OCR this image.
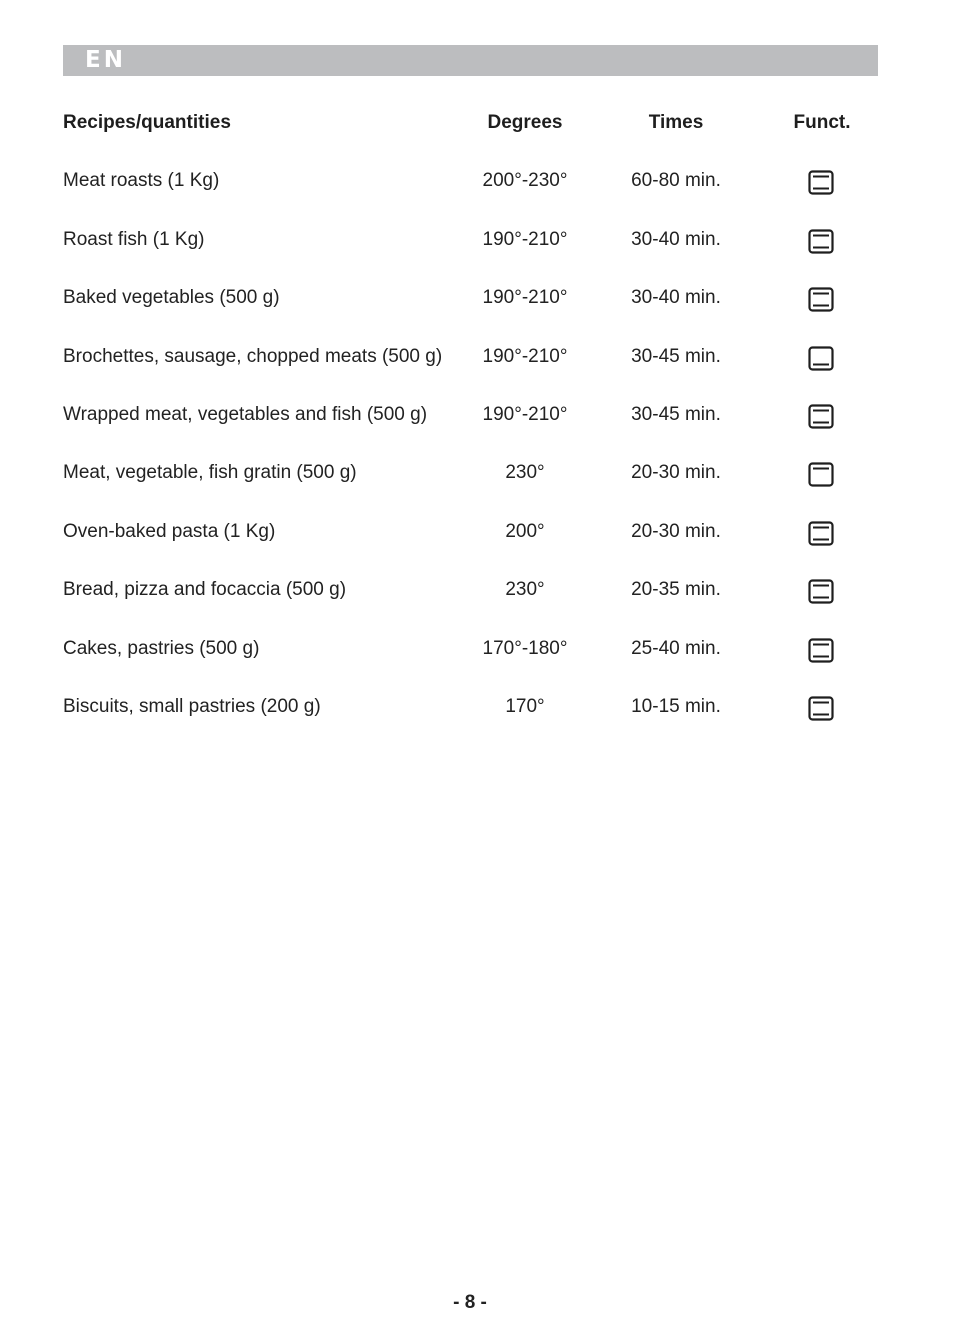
EN
Recipes/quantities	Degrees	Times	Funct.
Meat roasts (1 Kg)	200°-230°	60-80 min.
Roast fish (1 Kg)	190°-210°	30-40 min.
Baked vegetables (500 g)	190°-210°	30-40 min.
Brochettes, sausage, chopped meats (500 g)	190°-210°	30-45 min.
Wrapped meat, vegetables and fish (500 g)	190°-210°	30-45 min.
Meat, vegetable, fish gratin (500 g)	230°	20-30 min.
Oven-baked pasta (1 Kg)	200°	20-30 min.
Bread, pizza and focaccia (500 g)	230°	20-35 min.
Cakes, pastries (500 g)	170°-180°	25-40 min.
Biscuits, small pastries (200 g)	170°	10-15 min.
- 8 -
